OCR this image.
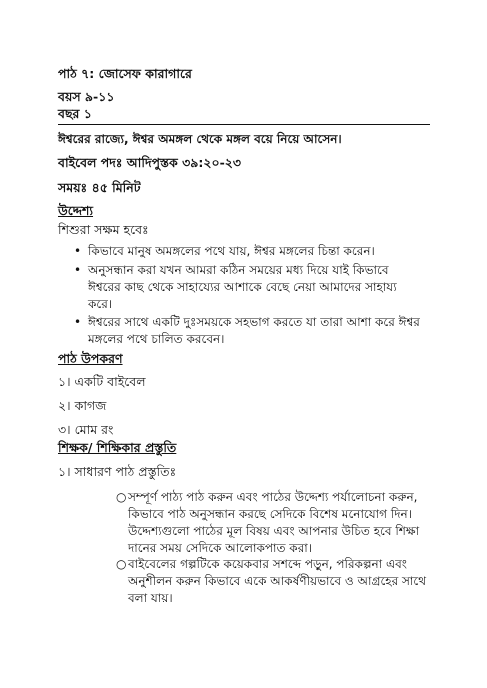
পাঠ ৭: জোসেফ কারাগারে
বয়স ৯-১১
বছর ১
ঈশ্বরের রাজ্যে, ঈশ্বর অমঙ্গল থেকে মঙ্গল বয়ে নিয়ে আসেন।
বাইবেল পদঃ আদিপুস্তক ৩৯:২০-২৩
সময়ঃ ৪৫ মিনিট
উদ্দেশ্য
শিশুরা সক্ষম হবেঃ
• কিভাবে মানুষ অমঙ্গলের পথে যায়, ঈশ্বর মঙ্গলের চিন্তা করেন।
• অনুসন্ধান করা যখন আমরা কঠিন সময়ের মধ্য দিয়ে যাই কিভাবে
ঈশ্বরের কাছ থেকে সাহায্যের আশাকে বেছে নেয়া আমাদের সাহায্য
করে।
• ঈশ্বরের সাথে একটি দুঃসময়কে সহভাগ করতে যা তারা আশা করে ঈশ্বর
মঙ্গলের পথে চালিত করবেন।
পাঠ উপকরণ
১। একটি বাইবেল
২। কাগজ
৩। মোম রং
শিক্ষক/ শিক্ষিকার প্রস্তুতি
১। সাধারণ পাঠ প্রস্তুতিঃ
○ সম্পূর্ণ পাঠ্য পাঠ করুন এবং পাঠের উদ্দেশ্য পর্যালোচনা করুন,
কিভাবে পাঠ অনুসন্ধান করছে সেদিকে বিশেষ মনোযোগ দিন।
উদ্দেশ্যগুলো পাঠের মূল বিষয় এবং আপনার উচিত হবে শিক্ষা
দানের সময় সেদিকে আলোকপাত করা।
○ বাইবেলের গল্পটিকে কয়েকবার সশব্দে পড়ুন, পরিকল্পনা এবং
অনুশীলন করুন কিভাবে একে আকর্ষণীয়ভাবে ও আগ্রহের সাথে
বলা যায়।
